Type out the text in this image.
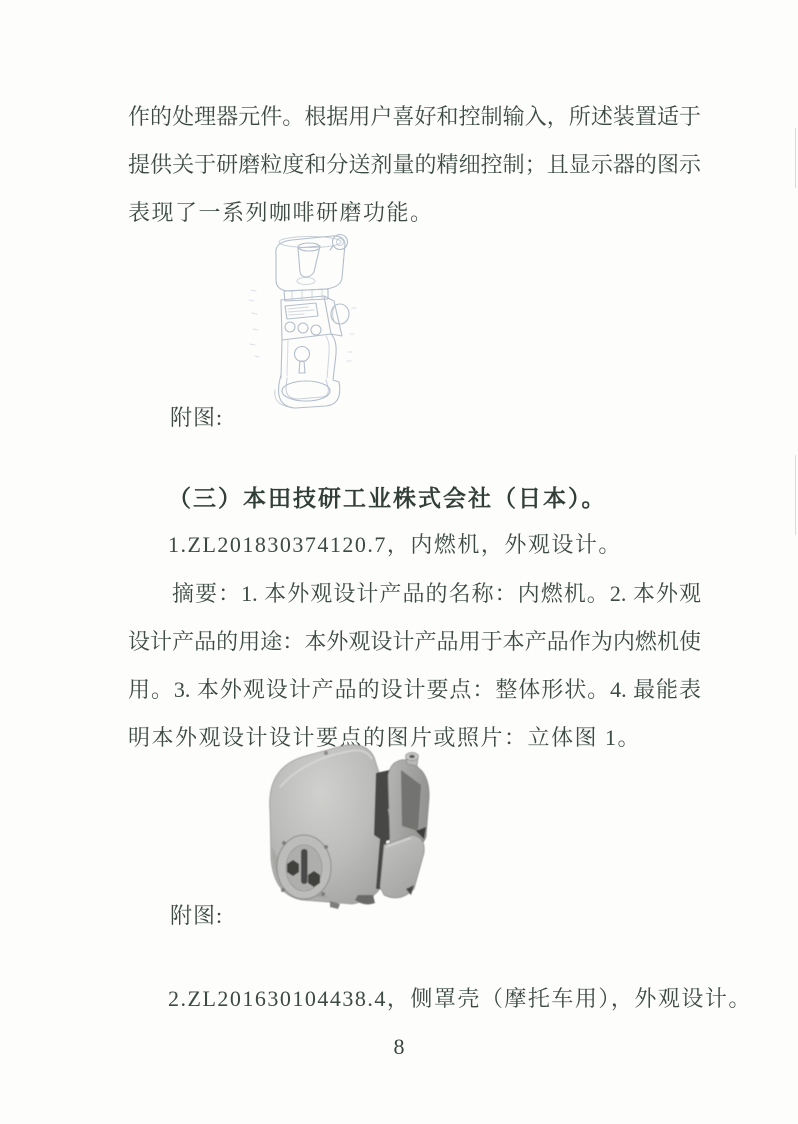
作的处理器元件。根据用户喜好和控制输入，所述装置适于
提供关于研磨粒度和分送剂量的精细控制；且显示器的图示
表现了一系列咖啡研磨功能。
附图:
（三）本田技研工业株式会社（日本）。
1.ZL201830374120.7，内燃机，外观设计。
摘要：1. 本外观设计产品的名称：内燃机。2. 本外观
设计产品的用途：本外观设计产品用于本产品作为内燃机使
用。3. 本外观设计产品的设计要点：整体形状。4. 最能表
明本外观设计设计要点的图片或照片：立体图 1。
附图:
2.ZL201630104438.4，侧罩壳（摩托车用），外观设计。
8
